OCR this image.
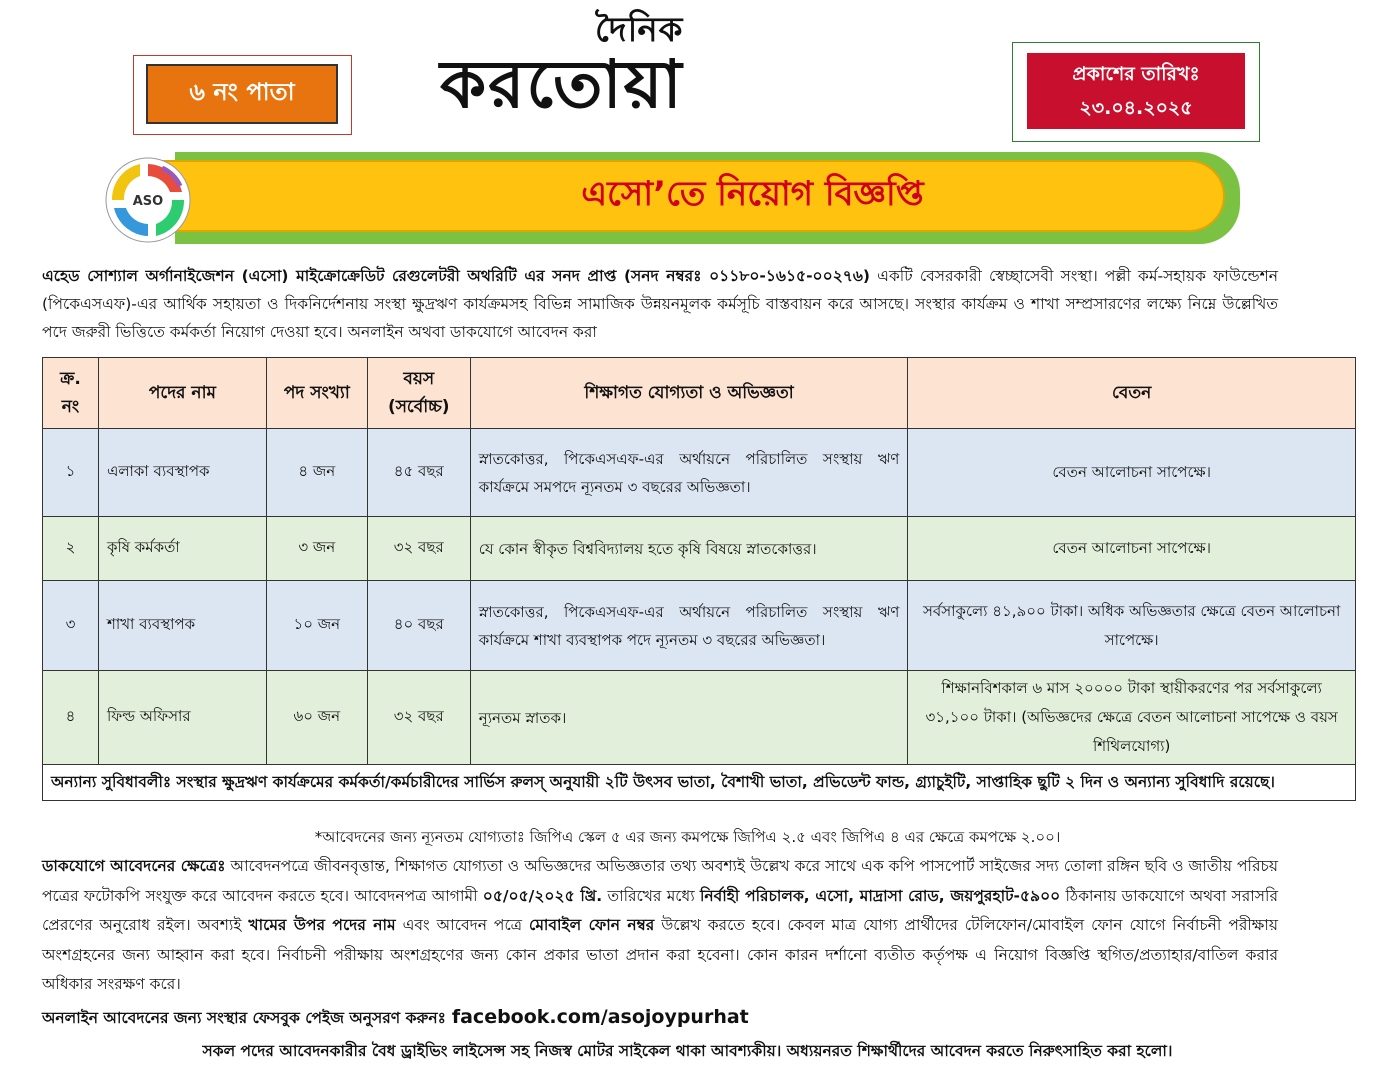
৬ নং পাতা
দৈনিক
করতোয়া	প্রকাশের তারিখঃ
২৩.০৪.২০২৫
এসো’তে নিয়োগ বিজ্ঞপ্তি
ASO
এহেড সোশ্যাল অর্গানাইজেশন (এসো) মাইক্রোক্রেডিট রেগুলেটরী অথরিটি এর সনদ প্রাপ্ত (সনদ নম্বরঃ ০১১৮০-১৬১৫-০০২৭৬) একটি বেসরকারী স্বেচ্ছাসেবী সংস্থা। পল্লী কর্ম-সহায়ক ফাউন্ডেশন (পিকেএসএফ)-এর আর্থিক সহায়তা ও দিকনির্দেশনায় সংস্থা ক্ষুদ্রঋণ কার্যক্রমসহ বিভিন্ন সামাজিক উন্নয়নমূলক কর্মসূচি বাস্তবায়ন করে আসছে। সংস্থার কার্যক্রম ও শাখা সম্প্রসারণের লক্ষ্যে নিম্নে উল্লেখিত পদে জরুরী ভিত্তিতে কর্মকর্তা নিয়োগ দেওয়া হবে। অনলাইন অথবা ডাকযোগে আবেদন করা
ক্র. নং	পদের নাম	পদ সংখ্যা	বয়স (সর্বোচ্চ)	শিক্ষাগত যোগ্যতা ও অভিজ্ঞতা	বেতন
১	এলাকা ব্যবস্থাপক	৪ জন	৪৫ বছর	স্নাতকোত্তর, পিকেএসএফ-এর অর্থায়নে পরিচালিত সংস্থায় ঋণ কার্যক্রমে সমপদে ন্যূনতম ৩ বছরের অভিজ্ঞতা।	বেতন আলোচনা সাপেক্ষে।
২	কৃষি কর্মকর্তা	৩ জন	৩২ বছর	যে কোন স্বীকৃত বিশ্ববিদ্যালয় হতে কৃষি বিষয়ে স্নাতকোত্তর।	বেতন আলোচনা সাপেক্ষে।
৩	শাখা ব্যবস্থাপক	১০ জন	৪০ বছর	স্নাতকোত্তর, পিকেএসএফ-এর অর্থায়নে পরিচালিত সংস্থায় ঋণ কার্যক্রমে শাখা ব্যবস্থাপক পদে ন্যূনতম ৩ বছরের অভিজ্ঞতা।	সর্বসাকুল্যে ৪১,৯০০ টাকা। অধিক অভিজ্ঞতার ক্ষেত্রে বেতন আলোচনা সাপেক্ষে।
৪	ফিল্ড অফিসার	৬০ জন	৩২ বছর	ন্যূনতম স্নাতক।	শিক্ষানবিশকাল ৬ মাস ২০০০০ টাকা স্থায়ীকরণের পর সর্বসাকুল্যে ৩১,১০০ টাকা। (অভিজ্ঞদের ক্ষেত্রে বেতন আলোচনা সাপেক্ষে ও বয়স শিথিলযোগ্য)
অন্যান্য সুবিধাবলীঃ সংস্থার ক্ষুদ্রঋণ কার্যক্রমের কর্মকর্তা/কর্মচারীদের সার্ভিস রুলস্ অনুযায়ী ২টি উৎসব ভাতা, বৈশাখী ভাতা, প্রভিডেন্ট ফান্ড, গ্র্যাচুইটি, সাপ্তাহিক ছুটি ২ দিন ও অন্যান্য সুবিধাদি রয়েছে।					
*আবেদনের জন্য ন্যূনতম যোগ্যতাঃ জিপিএ স্কেল ৫ এর জন্য কমপক্ষে জিপিএ ২.৫ এবং জিপিএ ৪ এর ক্ষেত্রে কমপক্ষে ২.০০।
ডাকযোগে আবেদনের ক্ষেত্রেঃ আবেদনপত্রে জীবনবৃত্তান্ত, শিক্ষাগত যোগ্যতা ও অভিজ্ঞদের অভিজ্ঞতার তথ্য অবশ্যই উল্লেখ করে সাথে এক কপি পাসপোর্ট সাইজের সদ্য তোলা রঙ্গিন ছবি ও জাতীয় পরিচয় পত্রের ফটোকপি সংযুক্ত করে আবেদন করতে হবে। আবেদনপত্র আগামী ০৫/০৫/২০২৫ খ্রি. তারিখের মধ্যে নির্বাহী পরিচালক, এসো, মাদ্রাসা রোড, জয়পুরহাট-৫৯০০ ঠিকানায় ডাকযোগে অথবা সরাসরি প্রেরণের অনুরোধ রইল। অবশ্যই খামের উপর পদের নাম এবং আবেদন পত্রে মোবাইল ফোন নম্বর উল্লেখ করতে হবে। কেবল মাত্র যোগ্য প্রার্থীদের টেলিফোন/মোবাইল ফোন যোগে নির্বাচনী পরীক্ষায় অংশগ্রহনের জন্য আহ্বান করা হবে। নির্বাচনী পরীক্ষায় অংশগ্রহণের জন্য কোন প্রকার ভাতা প্রদান করা হবেনা। কোন কারন দর্শানো ব্যতীত কর্তৃপক্ষ এ নিয়োগ বিজ্ঞপ্তি স্থগিত/প্রত্যাহার/বাতিল করার অধিকার সংরক্ষণ করে।
অনলাইন আবেদনের জন্য সংস্থার ফেসবুক পেইজ অনুসরণ করুনঃ facebook.com/asojoypurhat
সকল পদের আবেদনকারীর বৈধ ড্রাইভিং লাইসেন্স সহ নিজস্ব মোটর সাইকেল থাকা আবশ্যকীয়। অধ্যয়নরত শিক্ষার্থীদের আবেদন করতে নিরুৎসাহিত করা হলো।
